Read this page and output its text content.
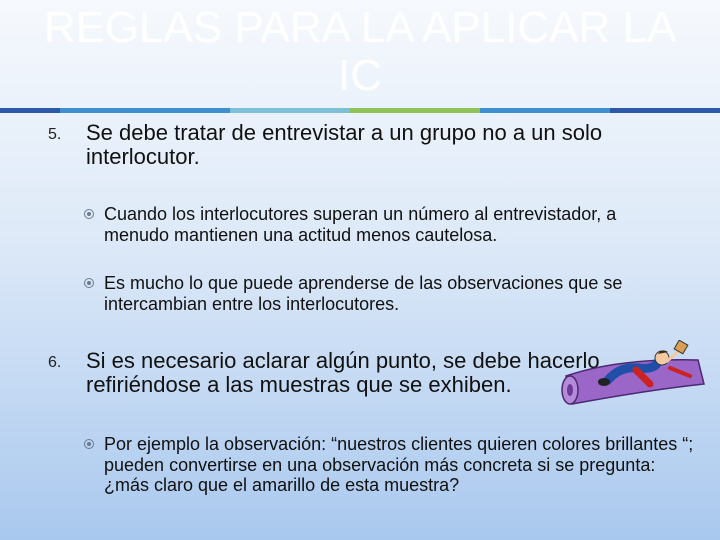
REGLAS PARA LA APLICAR LA IC
5. Se debe tratar de entrevistar a un grupo no a un solo interlocutor.
Cuando los interlocutores superan un número al entrevistador, a menudo mantienen una actitud menos cautelosa.
Es mucho lo que puede aprenderse de las observaciones que se intercambian entre los interlocutores.
6. Si es necesario aclarar algún punto, se debe hacerlo refiriéndose a las muestras que se exhiben.
Por ejemplo la observación: “nuestros clientes quieren colores brillantes “; pueden convertirse en una observación más concreta si se pregunta: ¿más claro que el amarillo de esta muestra?
